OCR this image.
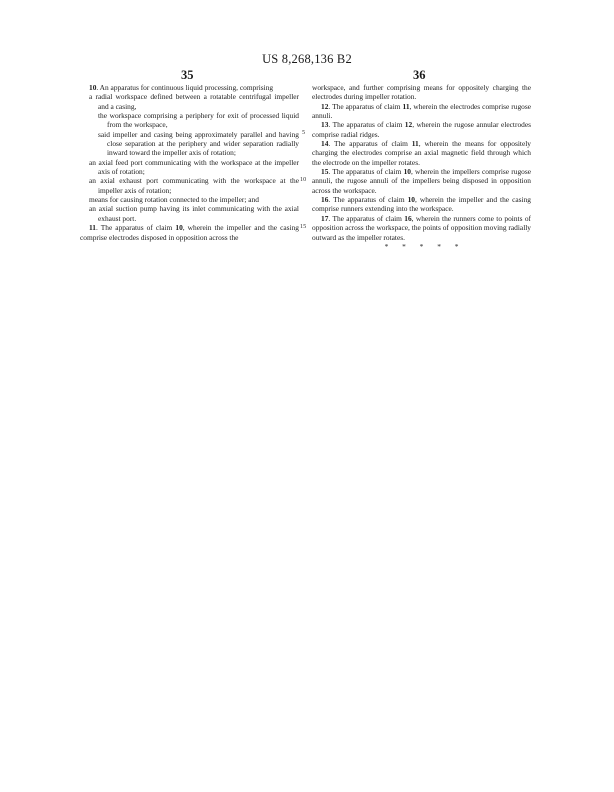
US 8,268,136 B2
35	36

10. An apparatus for continuous liquid processing, comprising

a radial workspace defined between a rotatable centrifugal impeller and a casing,

the workspace comprising a periphery for exit of processed liquid from the workspace,

said impeller and casing being approximately parallel and having close separation at the periphery and wider separation radially inward toward the impeller axis of rotation;

an axial feed port communicating with the workspace at the impeller axis of rotation;

an axial exhaust port communicating with the workspace at the impeller axis of rotation;

means for causing rotation connected to the impeller; and

an axial suction pump having its inlet communicating with the axial exhaust port.

11. The apparatus of claim 10, wherein the impeller and the casing comprise electrodes disposed in opposition across the

workspace, and further comprising means for oppositely charging the electrodes during impeller rotation.

12. The apparatus of claim 11, wherein the electrodes comprise rugose annuli.

13. The apparatus of claim 12, wherein the rugose annular electrodes comprise radial ridges.

14. The apparatus of claim 11, wherein the means for oppositely charging the electrodes comprise an axial magnetic field through which the electrode on the impeller rotates.

15. The apparatus of claim 10, wherein the impellers comprise rugose annuli, the rugose annuli of the impellers being disposed in opposition across the workspace.

16. The apparatus of claim 10, wherein the impeller and the casing comprise runners extending into the workspace.

17. The apparatus of claim 16, wherein the runners come to points of opposition across the workspace, the points of opposition moving radially outward as the impeller rotates.

* * * * *

5
10
15
